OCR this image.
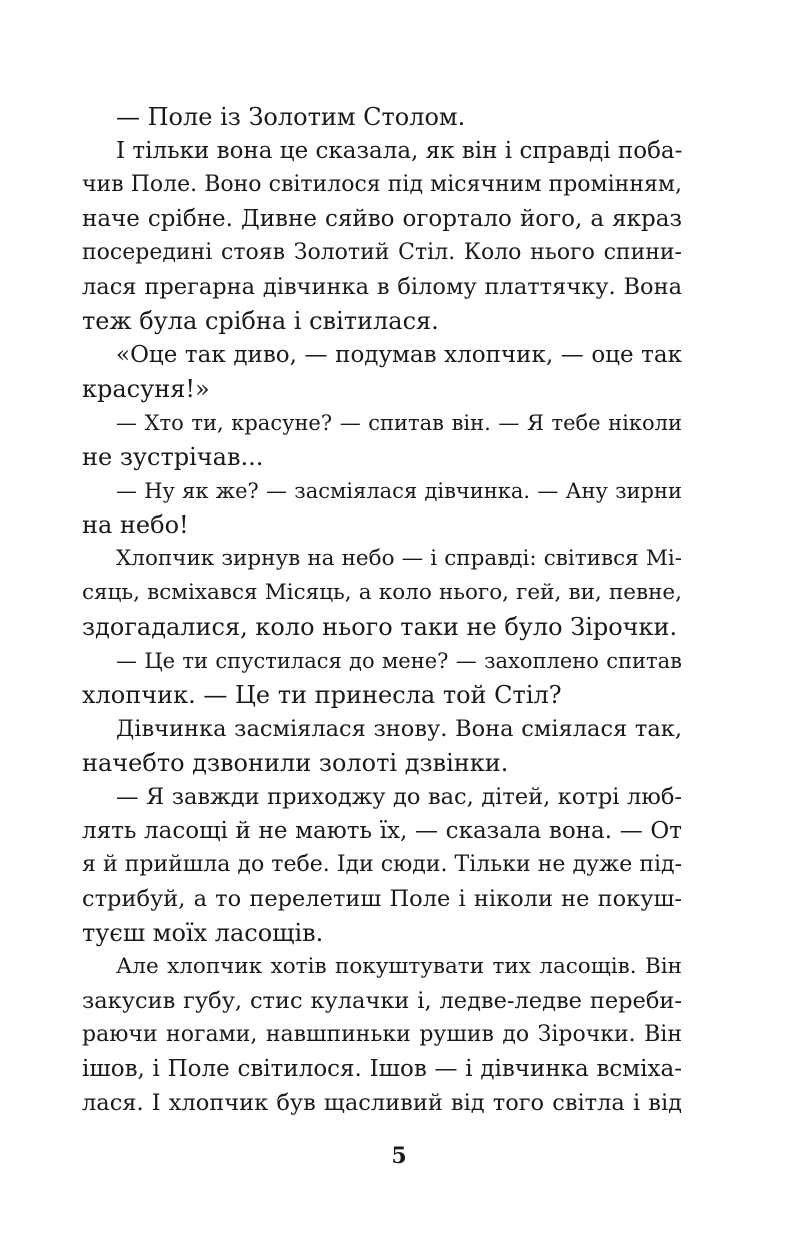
— Поле із Золотим Столом.
І тільки вона це сказала, як він і справді поба-
чив Поле. Воно світилося під місячним промінням,
наче срібне. Дивне сяйво огортало його, а якраз
посередині стояв Золотий Стіл. Коло нього спини-
лася прегарна дівчинка в білому платтячку. Вона
теж була срібна і світилася.
«Оце так диво, — подумав хлопчик, — оце так
красуня!»
— Хто ти, красуне? — спитав він. — Я тебе ніколи
не зустрічав...
— Ну як же? — засміялася дівчинка. — Ану зирни
на небо!
Хлопчик зирнув на небо — і справді: світився Мі-
сяць, всміхався Місяць, а коло нього, гей, ви, певне,
здогадалися, коло нього таки не було Зірочки.
— Це ти спустилася до мене? — захоплено спитав
хлопчик. — Це ти принесла той Стіл?
Дівчинка засміялася знову. Вона сміялася так,
начебто дзвонили золоті дзвінки.
— Я завжди приходжу до вас, дітей, котрі люб-
лять ласощі й не мають їх, — сказала вона. — От
я й прийшла до тебе. Іди сюди. Тільки не дуже під-
стрибуй, а то перелетиш Поле і ніколи не покуш-
туєш моїх ласощів.
Але хлопчик хотів покуштувати тих ласощів. Він
закусив губу, стис кулачки і, ледве-ледве переби-
раючи ногами, навшпиньки рушив до Зірочки. Він
ішов, і Поле світилося. Ішов — і дівчинка всміха-
лася. І хлопчик був щасливий від того світла і від
5
